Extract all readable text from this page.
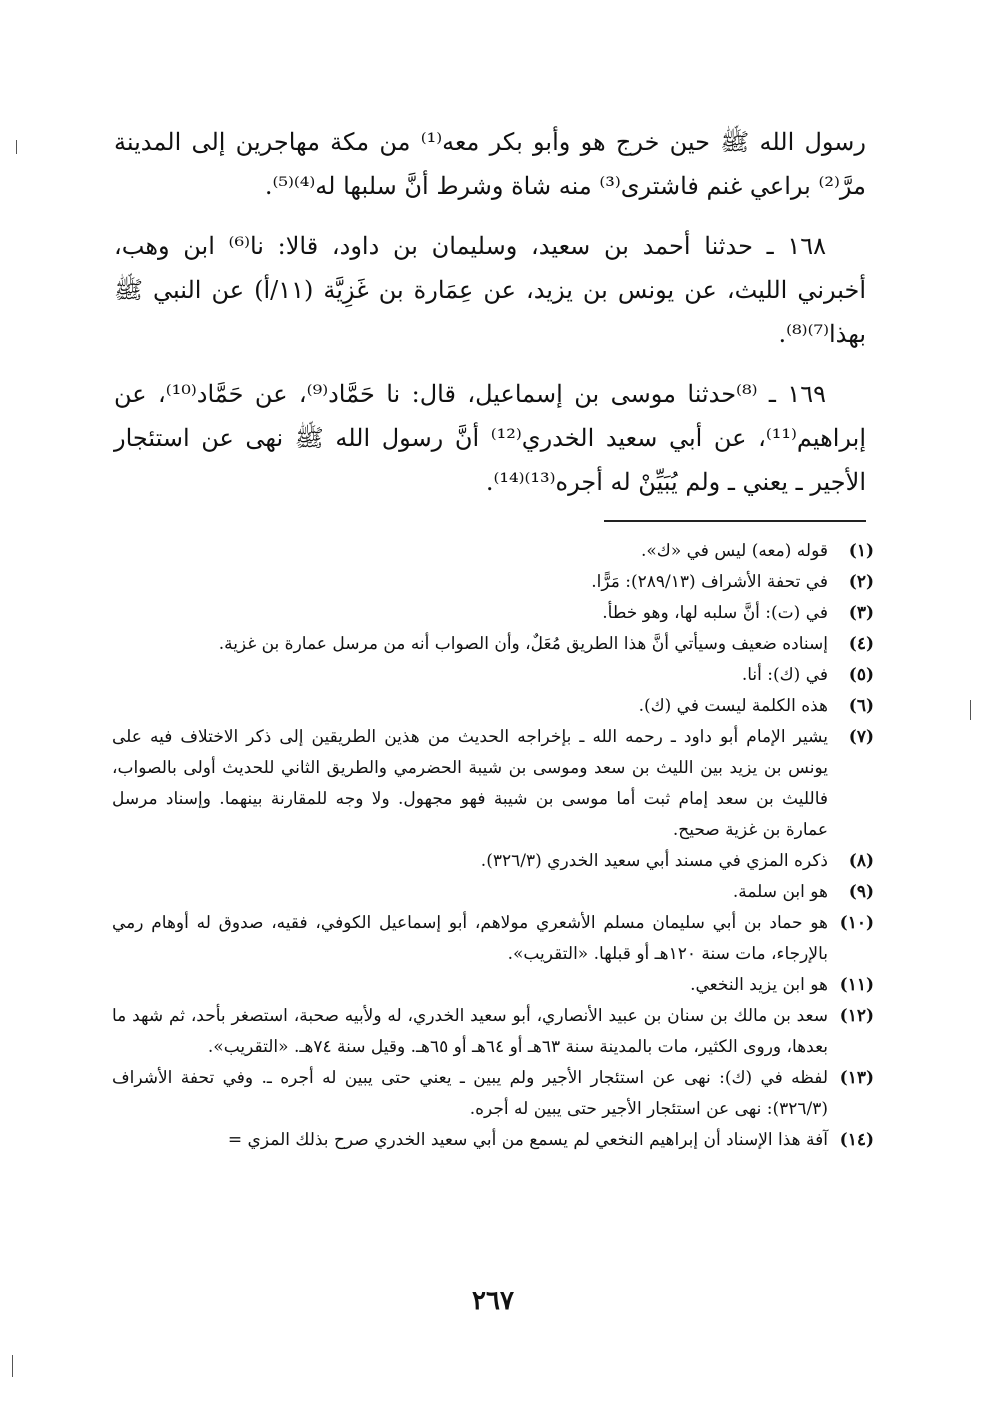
رسول الله ﷺ حين خرج هو وأبو بكر معه⁽¹⁾ من مكة مهاجرين إلى المدينة مرَّ⁽²⁾ براعي غنم فاشترى⁽³⁾ منه شاة وشرط أنَّ سلبها له⁽⁴⁾⁽⁵⁾.

١٦٨ ـ حدثنا أحمد بن سعيد، وسليمان بن داود، قالا: نا⁽⁶⁾ ابن وهب، أخبرني الليث، عن يونس بن يزيد، عن عِمَارة بن غَزِيَّة (١١/أ) عن النبي ﷺ بهذا⁽⁷⁾⁽⁸⁾.

١٦٩ ـ ⁽⁸⁾حدثنا موسى بن إسماعيل، قال: نا حَمَّاد⁽⁹⁾، عن حَمَّاد⁽¹⁰⁾، عن إبراهيم⁽¹¹⁾، عن أبي سعيد الخدري⁽¹²⁾ أنَّ رسول الله ﷺ نهى عن استئجار الأجير ـ يعني ـ ولم يُبَيِّنْ له أجره⁽¹³⁾⁽¹⁴⁾.

(١)
قوله (معه) ليس في «ك».
(٢)
في تحفة الأشراف (٢٨٩/١٣): مَرًّا.
(٣)
في (ت): أنَّ سلبه لها، وهو خطأ.
(٤)
إسناده ضعيف وسيأتي أنَّ هذا الطريق مُعَلٌ، وأن الصواب أنه من مرسل عمارة بن غزية.
(٥)
في (ك): أنا.
(٦)
هذه الكلمة ليست في (ك).
(٧)
يشير الإمام أبو داود ـ رحمه الله ـ بإخراجه الحديث من هذين الطريقين إلى ذكر الاختلاف فيه على يونس بن يزيد بين الليث بن سعد وموسى بن شيبة الحضرمي والطريق الثاني للحديث أولى بالصواب، فالليث بن سعد إمام ثبت أما موسى بن شيبة فهو مجهول. ولا وجه للمقارنة بينهما. وإسناد مرسل عمارة بن غزية صحيح.
(٨)
ذكره المزي في مسند أبي سعيد الخدري (٣٢٦/٣).
(٩)
هو ابن سلمة.
(١٠)
هو حماد بن أبي سليمان مسلم الأشعري مولاهم، أبو إسماعيل الكوفي، فقيه، صدوق له أوهام رمي بالإرجاء، مات سنة ١٢٠هـ أو قبلها. «التقريب».
(١١)
هو ابن يزيد النخعي.
(١٢)
سعد بن مالك بن سنان بن عبيد الأنصاري، أبو سعيد الخدري، له ولأبيه صحبة، استصغر بأحد، ثم شهد ما بعدها، وروى الكثير، مات بالمدينة سنة ٦٣هـ أو ٦٤هـ أو ٦٥هـ. وقيل سنة ٧٤هـ. «التقريب».
(١٣)
لفظه في (ك): نهى عن استئجار الأجير ولم يبين ـ يعني حتى يبين له أجره ـ. وفي تحفة الأشراف (٣٢٦/٣): نهى عن استئجار الأجير حتى يبين له أجره.
(١٤)
آفة هذا الإسناد أن إبراهيم النخعي لم يسمع من أبي سعيد الخدري صرح بذلك المزي =
٢٦٧
